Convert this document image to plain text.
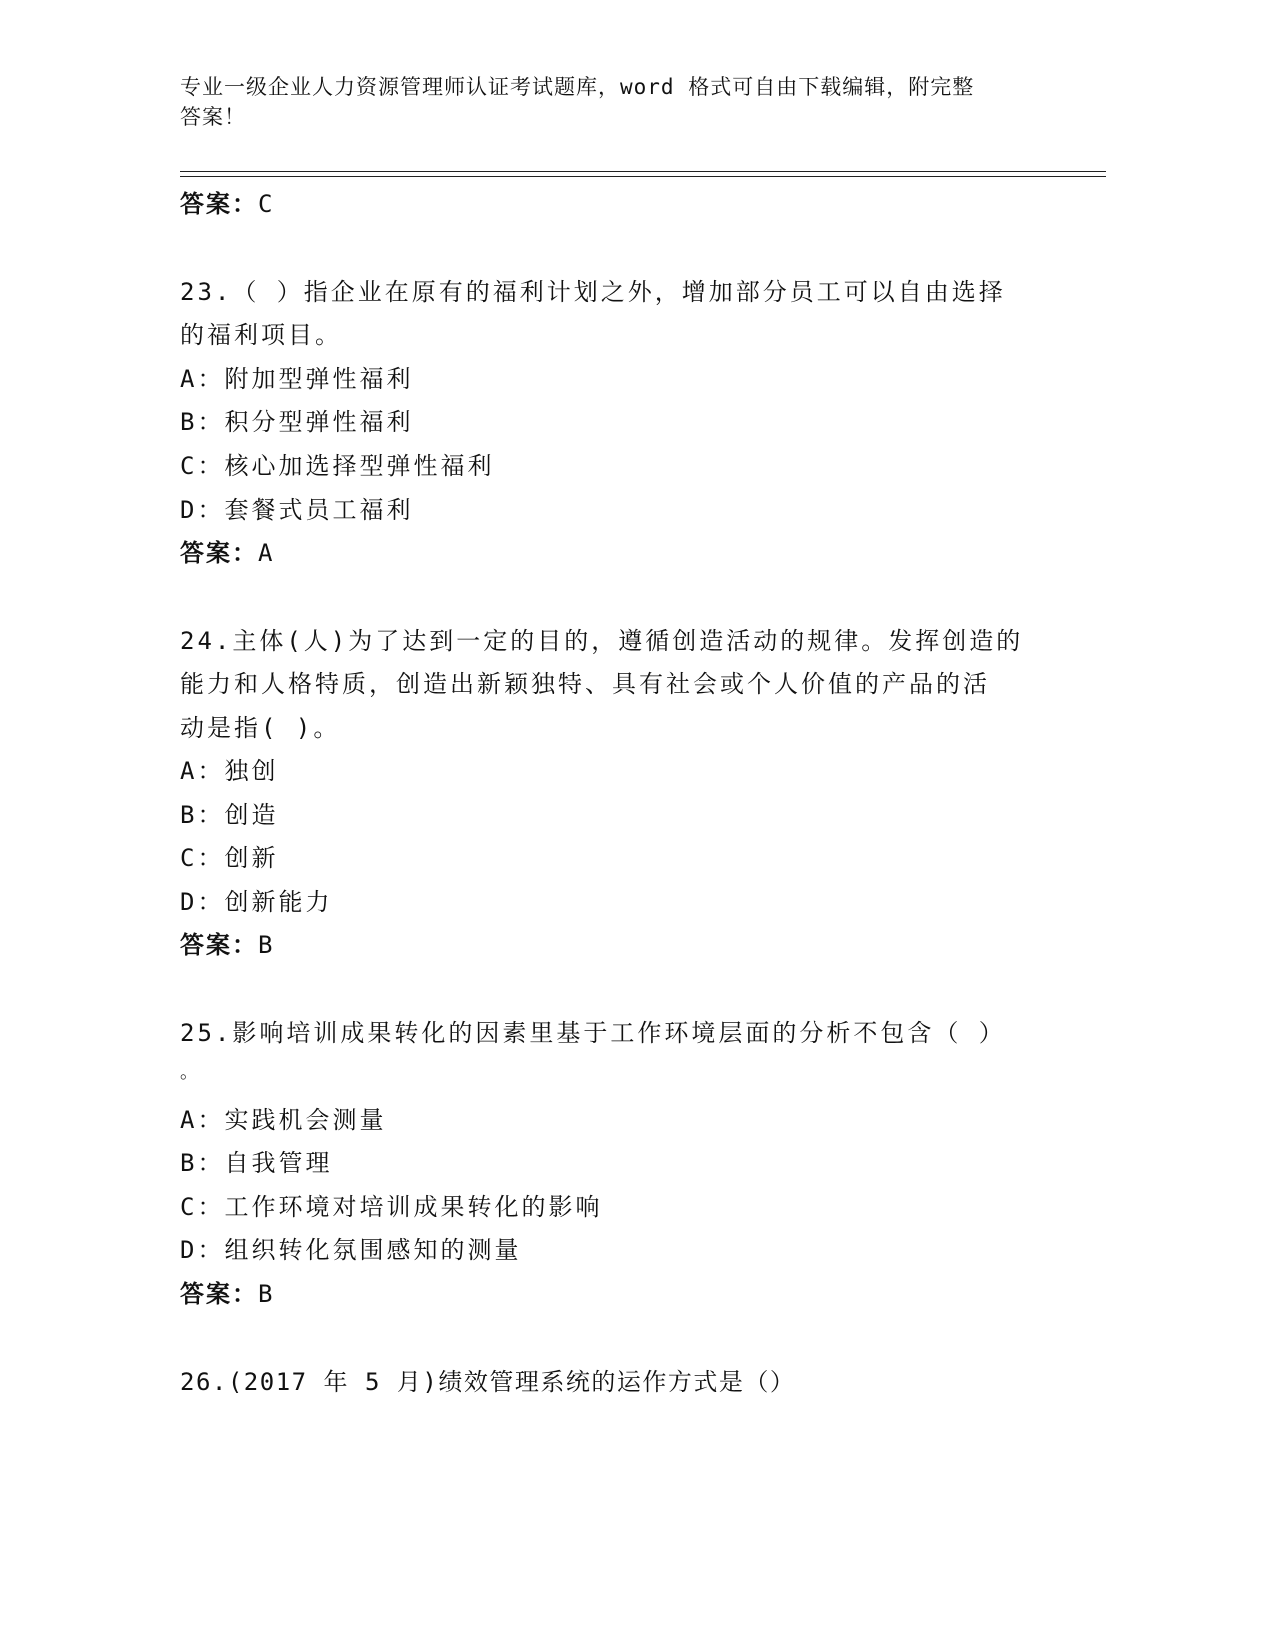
专业一级企业人力资源管理师认证考试题库，word 格式可自由下载编辑，附完整
答案！
答案：C
23.（ ）指企业在原有的福利计划之外，增加部分员工可以自由选择
的福利项目。
A：附加型弹性福利
B：积分型弹性福利
C：核心加选择型弹性福利
D：套餐式员工福利
答案：A
24.主体(人)为了达到一定的目的，遵循创造活动的规律。发挥创造的
能力和人格特质，创造出新颖独特、具有社会或个人价值的产品的活
动是指( )。
A：独创
B：创造
C：创新
D：创新能力
答案：B
25.影响培训成果转化的因素里基于工作环境层面的分析不包含（ ）
。
A：实践机会测量
B：自我管理
C：工作环境对培训成果转化的影响
D：组织转化氛围感知的测量
答案：B
26.(2017 年 5 月)绩效管理系统的运作方式是（）
